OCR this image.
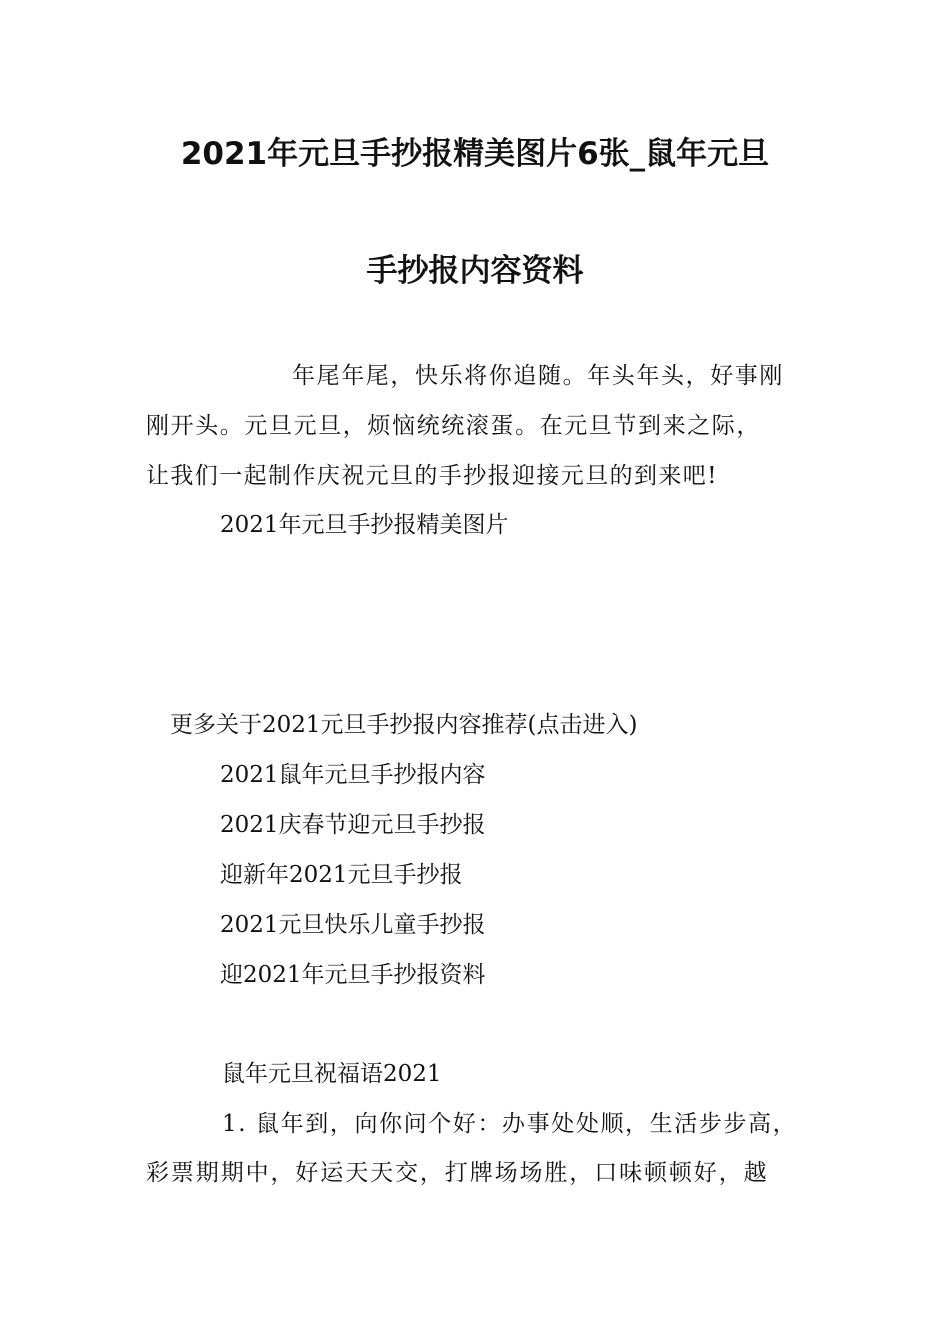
2021年元旦手抄报精美图片6张_鼠年元旦
手抄报内容资料
年尾年尾，快乐将你追随。年头年头，好事刚
刚开头。元旦元旦，烦恼统统滚蛋。在元旦节到来之际，
让我们一起制作庆祝元旦的手抄报迎接元旦的到来吧!
2021年元旦手抄报精美图片
更多关于2021元旦手抄报内容推荐(点击进入)
2021鼠年元旦手抄报内容
2021庆春节迎元旦手抄报
迎新年2021元旦手抄报
2021元旦快乐儿童手抄报
迎2021年元旦手抄报资料
鼠年元旦祝福语2021
1. 鼠年到，向你问个好：办事处处顺，生活步步高，
彩票期期中，好运天天交，打牌场场胜，口味顿顿好，越
